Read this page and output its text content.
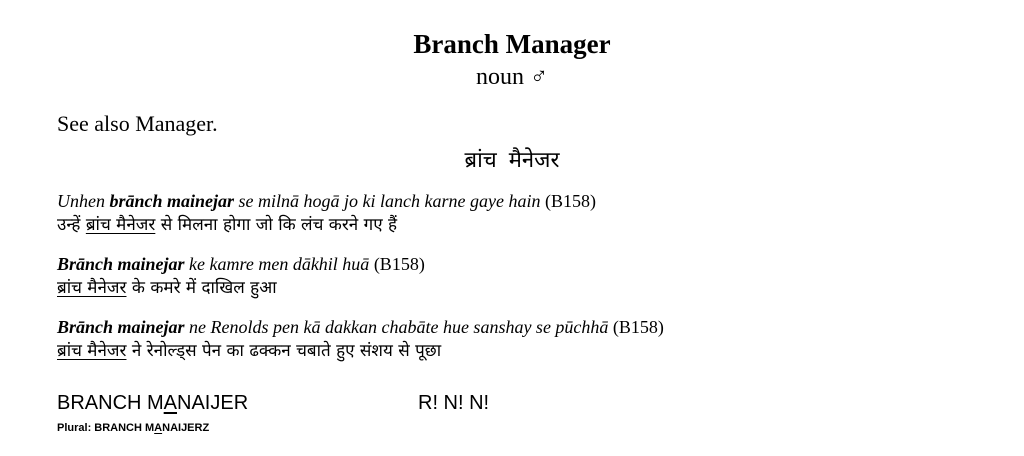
Branch Manager
noun ♂
See also Manager.
ब्रांच मैनेजर
Unhen brānch mainejar se milnā hogā jo ki lanch karne gaye hain (B158)
उन्हें ब्रांच मैनेजर से मिलना होगा जो कि लंच करने गए हैं
Brānch mainejar ke kamre men dākhil huā (B158)
ब्रांच मैनेजर के कमरे में दाखिल हुआ
Brānch mainejar ne Renolds pen kā dakkan chabāte hue sanshay se pūchhā (B158)
ब्रांच मैनेजर ने रेनोल्ड्स पेन का ढक्कन चबाते हुए संशय से पूछा
BRANCH MANAIJER	R! N! N!
Plural: BRANCH MANAIJERZ
